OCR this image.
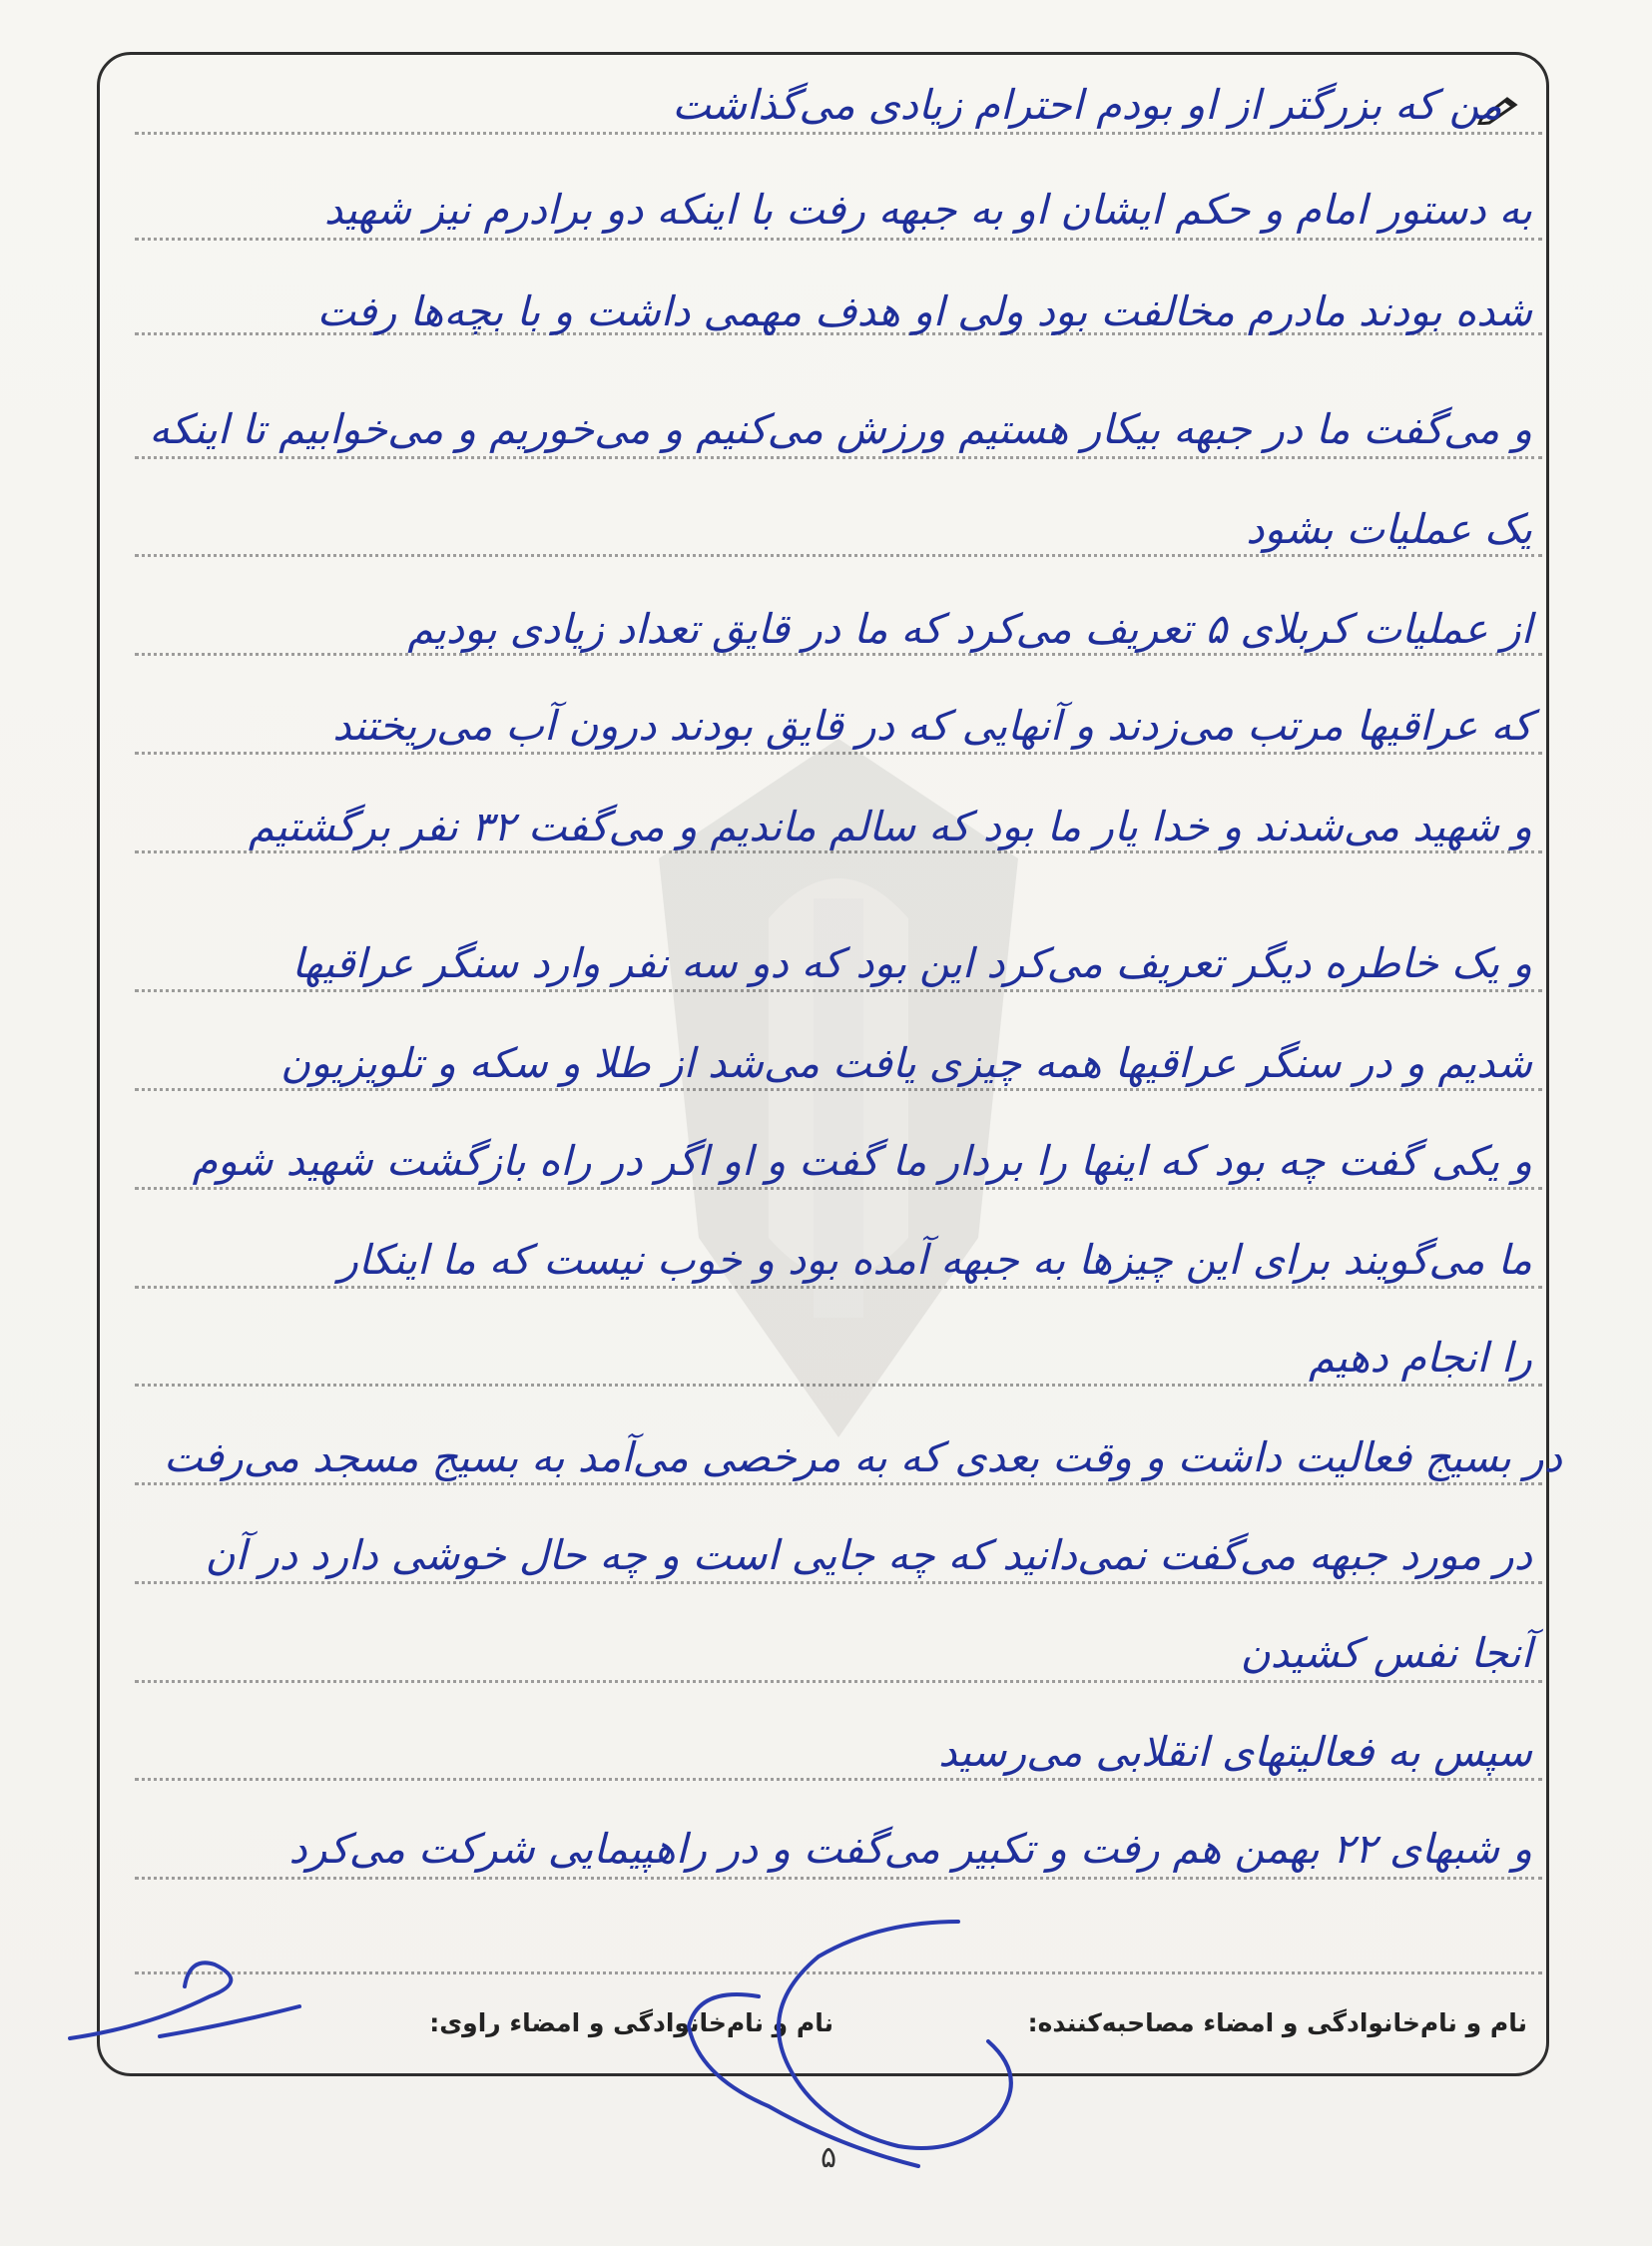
من که بزرگتر از او بودم احترام زیادی می‌گذاشت
به دستور امام و حکم ایشان او به جبهه رفت با اینکه دو برادرم نیز شهید
شده بودند مادرم مخالفت بود ولی او هدف مهمی داشت و با بچه‌ها رفت
و می‌گفت ما در جبهه بیکار هستیم ورزش می‌کنیم و می‌خوریم و می‌خوابیم تا اینکه
یک عملیات بشود
از عملیات کربلای ۵ تعریف می‌کرد که ما در قایق تعداد زیادی بودیم
که عراقیها مرتب می‌زدند و آنهایی که در قایق بودند درون آب می‌ریختند
و شهید می‌شدند و خدا یار ما بود که سالم ماندیم و می‌گفت ۳۲ نفر برگشتیم
و یک خاطره دیگر تعریف می‌کرد این بود که دو سه نفر وارد سنگر عراقیها
شدیم و در سنگر عراقیها همه چیزی یافت می‌شد از طلا و سکه و تلویزیون
و یکی گفت چه بود که اینها را بردار ما گفت و او اگر در راه بازگشت شهید شوم
ما می‌گویند برای این چیزها به جبهه آمده بود و خوب نیست که ما اینکار
را انجام دهیم
در بسیج فعالیت داشت و وقت بعدی که به مرخصی می‌آمد به بسیج مسجد می‌رفت
در مورد جبهه می‌گفت نمی‌دانید که چه جایی است و چه حال خوشی دارد در آن
آنجا نفس کشیدن
سپس به فعالیتهای انقلابی می‌رسید
و شبهای ۲۲ بهمن هم رفت و تکبیر می‌گفت و در راهپیمایی شرکت می‌کرد
نام و نام‌خانوادگی و امضاء مصاحبه‌کننده:
نام و نام‌خانوادگی و امضاء راوی:
۵
